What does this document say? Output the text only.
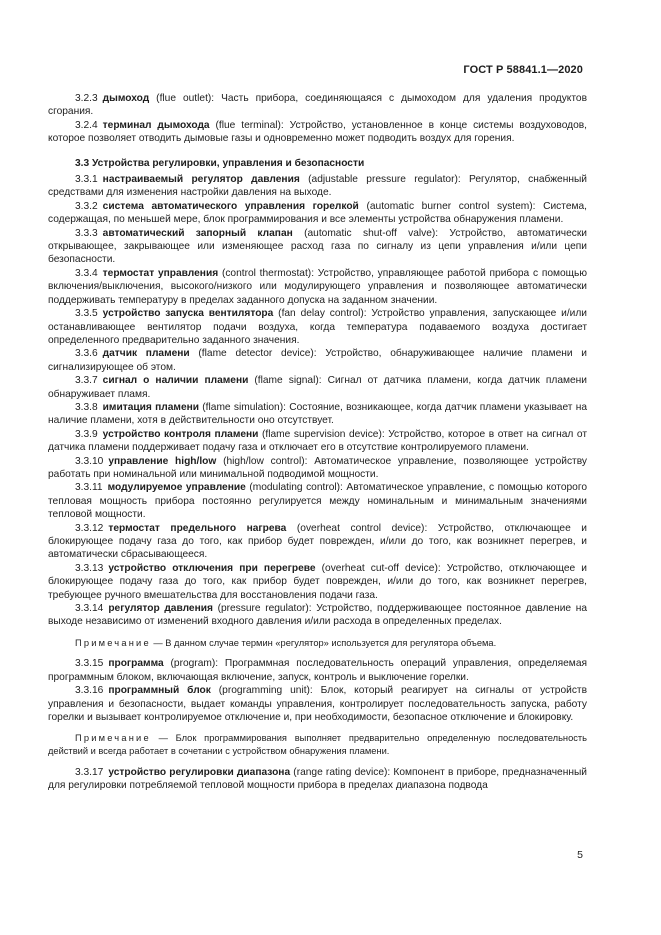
ГОСТ Р 58841.1—2020

3.2.3 дымоход (flue outlet): Часть прибора, соединяющаяся с дымоходом для удаления продуктов сгорания.

3.2.4 терминал дымохода (flue terminal): Устройство, установленное в конце системы воздуховодов, которое позволяет отводить дымовые газы и одновременно может подводить воздух для горения.

3.3 Устройства регулировки, управления и безопасности

3.3.1 настраиваемый регулятор давления (adjustable pressure regulator): Регулятор, снабженный средствами для изменения настройки давления на выходе.

3.3.2 система автоматического управления горелкой (automatic burner control system): Система, содержащая, по меньшей мере, блок программирования и все элементы устройства обнаружения пламени.

3.3.3 автоматический запорный клапан (automatic shut-off valve): Устройство, автоматически открывающее, закрывающее или изменяющее расход газа по сигналу из цепи управления и/или цепи безопасности.

3.3.4 термостат управления (control thermostat): Устройство, управляющее работой прибора с помощью включения/выключения, высокого/низкого или модулирующего управления и позволяющее автоматически поддерживать температуру в пределах заданного допуска на заданном значении.

3.3.5 устройство запуска вентилятора (fan delay control): Устройство управления, запускающее и/или останавливающее вентилятор подачи воздуха, когда температура подаваемого воздуха достигает определенного предварительно заданного значения.

3.3.6 датчик пламени (flame detector device): Устройство, обнаруживающее наличие пламени и сигнализирующее об этом.

3.3.7 сигнал о наличии пламени (flame signal): Сигнал от датчика пламени, когда датчик пламени обнаруживает пламя.

3.3.8 имитация пламени (flame simulation): Состояние, возникающее, когда датчик пламени указывает на наличие пламени, хотя в действительности оно отсутствует.

3.3.9 устройство контроля пламени (flame supervision device): Устройство, которое в ответ на сигнал от датчика пламени поддерживает подачу газа и отключает его в отсутствие контролируемого пламени.

3.3.10 управление high/low (high/low control): Автоматическое управление, позволяющее устройству работать при номинальной или минимальной подводимой мощности.

3.3.11 модулируемое управление (modulating control): Автоматическое управление, с помощью которого тепловая мощность прибора постоянно регулируется между номинальным и минимальным значениями тепловой мощности.

3.3.12 термостат предельного нагрева (overheat control device): Устройство, отключающее и блокирующее подачу газа до того, как прибор будет поврежден, и/или до того, как возникнет перегрев, и автоматически сбрасывающееся.

3.3.13 устройство отключения при перегреве (overheat cut-off device): Устройство, отключающее и блокирующее подачу газа до того, как прибор будет поврежден, и/или до того, как возникнет перегрев, требующее ручного вмешательства для восстановления подачи газа.

3.3.14 регулятор давления (pressure regulator): Устройство, поддерживающее постоянное давление на выходе независимо от изменений входного давления и/или расхода в определенных пределах.

Примечание — В данном случае термин «регулятор» используется для регулятора объема.

3.3.15 программа (program): Программная последовательность операций управления, определяемая программным блоком, включающая включение, запуск, контроль и выключение горелки.

3.3.16 программный блок (programming unit): Блок, который реагирует на сигналы от устройств управления и безопасности, выдает команды управления, контролирует последовательность запуска, работу горелки и вызывает контролируемое отключение и, при необходимости, безопасное отключение и блокировку.

Примечание — Блок программирования выполняет предварительно определенную последовательность действий и всегда работает в сочетании с устройством обнаружения пламени.

3.3.17 устройство регулировки диапазона (range rating device): Компонент в приборе, предназначенный для регулировки потребляемой тепловой мощности прибора в пределах диапазона подвода

5
